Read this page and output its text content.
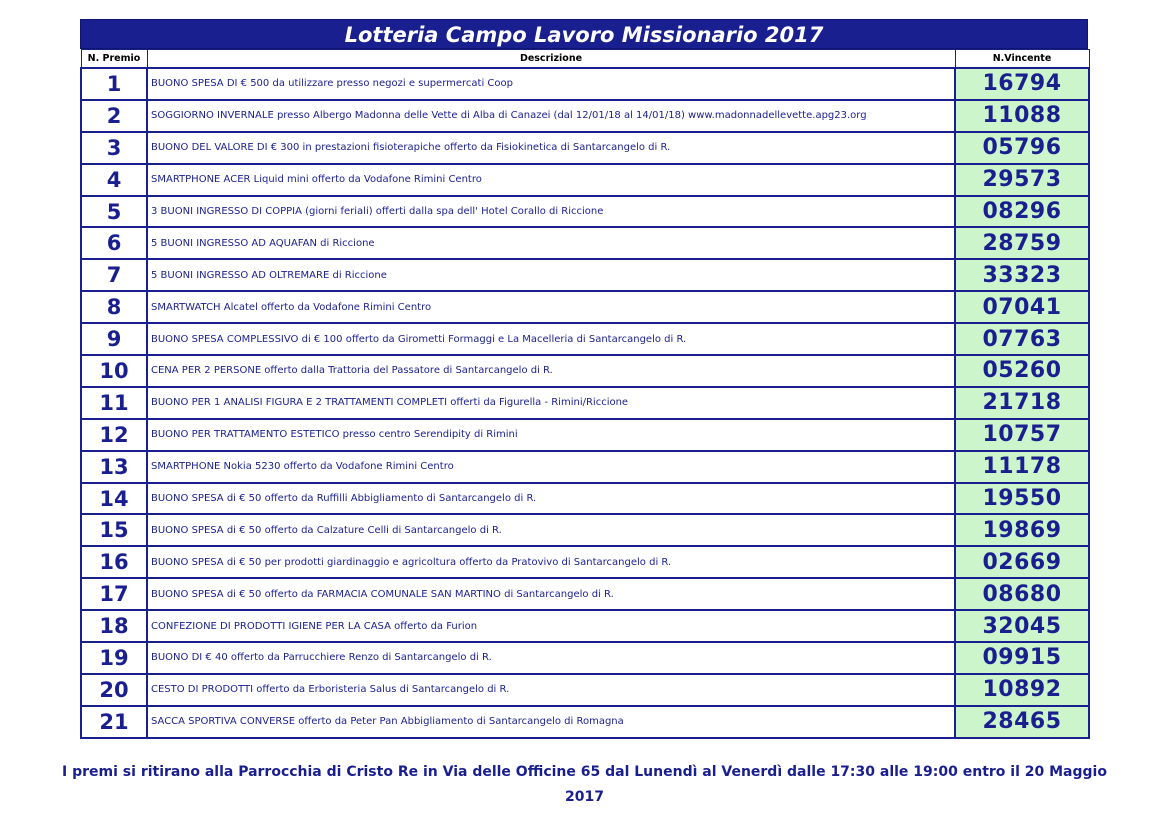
Lotteria Campo Lavoro Missionario 2017
N. Premio	Descrizione	N.Vincente
1	BUONO SPESA DI € 500 da utilizzare presso negozi e supermercati Coop	16794
2	SOGGIORNO INVERNALE presso Albergo Madonna delle Vette di Alba di Canazei (dal 12/01/18 al 14/01/18) www.madonnadellevette.apg23.org	11088
3	BUONO DEL VALORE DI € 300 in prestazioni fisioterapiche offerto da Fisiokinetica di Santarcangelo di R.	05796
4	SMARTPHONE ACER Liquid mini offerto da Vodafone Rimini Centro	29573
5	3 BUONI INGRESSO DI COPPIA (giorni feriali) offerti dalla spa dell' Hotel Corallo di Riccione	08296
6	5 BUONI INGRESSO AD AQUAFAN di Riccione	28759
7	5 BUONI INGRESSO AD OLTREMARE di Riccione	33323
8	SMARTWATCH Alcatel offerto da Vodafone Rimini Centro	07041
9	BUONO SPESA COMPLESSIVO di € 100 offerto da Girometti Formaggi e La Macelleria di Santarcangelo di R.	07763
10	CENA PER 2 PERSONE offerto dalla Trattoria del Passatore di Santarcangelo di R.	05260
11	BUONO PER 1 ANALISI FIGURA E 2 TRATTAMENTI COMPLETI offerti da Figurella - Rimini/Riccione	21718
12	BUONO PER TRATTAMENTO ESTETICO presso centro Serendipity di Rimini	10757
13	SMARTPHONE Nokia 5230 offerto da Vodafone Rimini Centro	11178
14	BUONO SPESA di € 50 offerto da Ruffilli Abbigliamento di Santarcangelo di R.	19550
15	BUONO SPESA di € 50 offerto da Calzature Celli di Santarcangelo di R.	19869
16	BUONO SPESA di € 50 per prodotti giardinaggio e agricoltura offerto da Pratovivo di Santarcangelo di R.	02669
17	BUONO SPESA di € 50 offerto da FARMACIA COMUNALE SAN MARTINO di Santarcangelo di R.	08680
18	CONFEZIONE DI PRODOTTI IGIENE PER LA CASA offerto da Furion	32045
19	BUONO DI € 40 offerto da Parrucchiere Renzo di Santarcangelo di R.	09915
20	CESTO DI PRODOTTI offerto da Erboristeria Salus di Santarcangelo di R.	10892
21	SACCA SPORTIVA CONVERSE offerto da Peter Pan Abbigliamento di Santarcangelo di Romagna	28465
I premi si ritirano alla Parrocchia di Cristo Re in Via delle Officine 65 dal Lunendì al Venerdì dalle 17:30 alle 19:00 entro il 20 Maggio 2017
